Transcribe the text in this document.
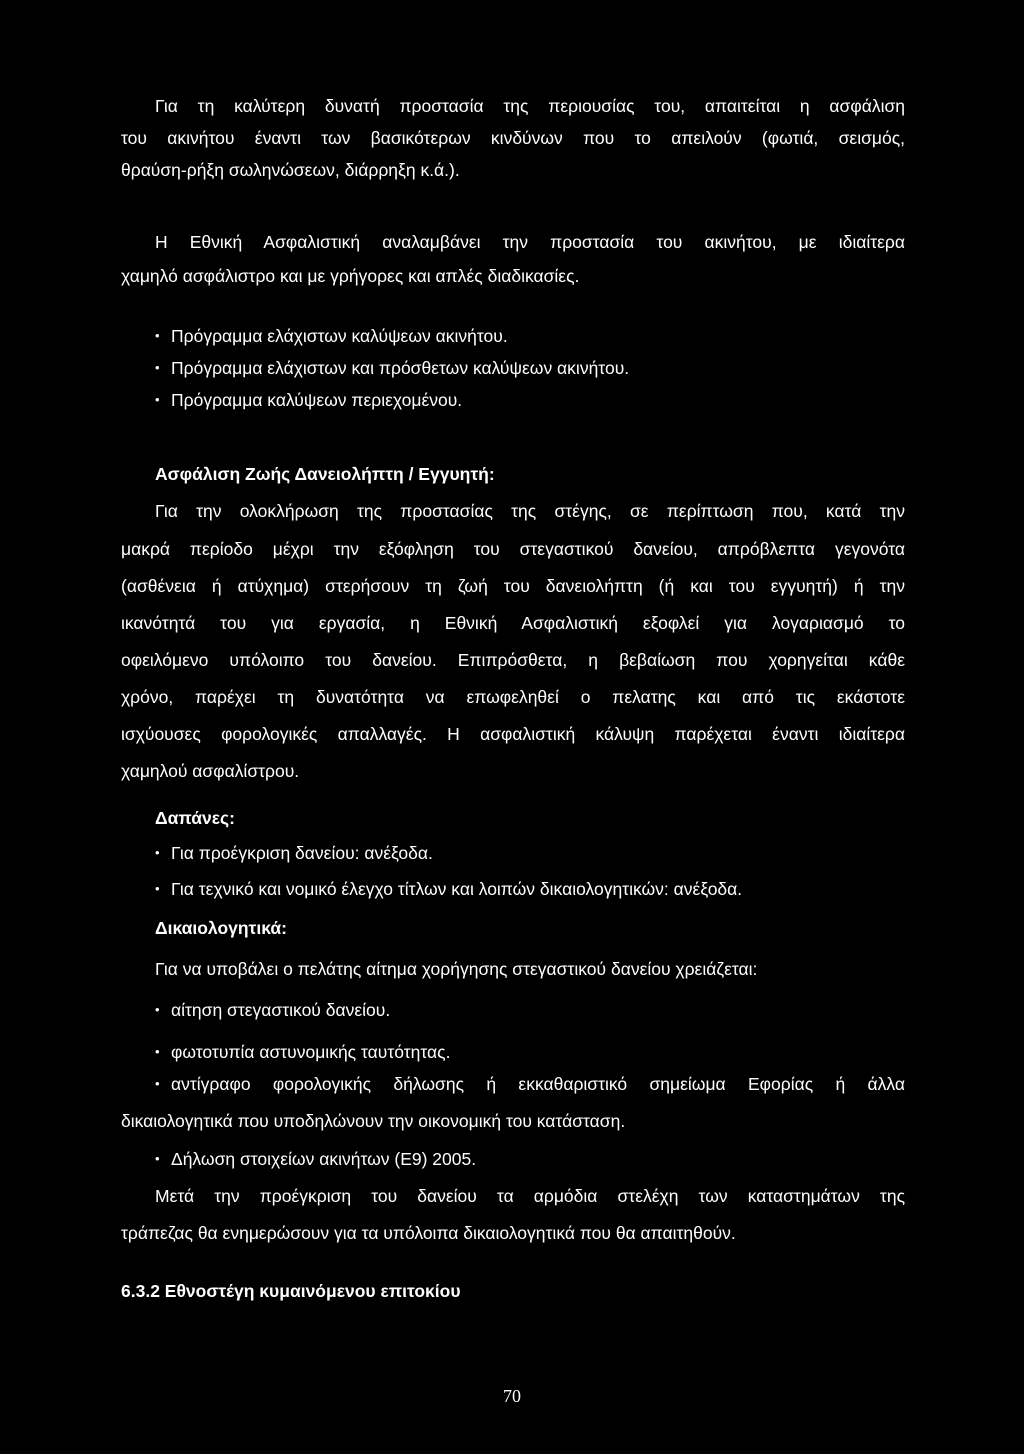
Για τη καλύτερη δυνατή προστασία της περιουσίας του, απαιτείται η ασφάλιση
του ακινήτου έναντι των βασικότερων κινδύνων που το απειλούν (φωτιά, σεισμός,
θραύση-ρήξη σωληνώσεων, διάρρηξη κ.ά.).
Η Εθνική Ασφαλιστική αναλαμβάνει την προστασία του ακινήτου, με ιδιαίτερα
χαμηλό ασφάλιστρο και με γρήγορες και απλές διαδικασίες.
• Πρόγραμμα ελάχιστων καλύψεων ακινήτου.
• Πρόγραμμα ελάχιστων και πρόσθετων καλύψεων ακινήτου.
• Πρόγραμμα καλύψεων περιεχομένου.
Ασφάλιση Ζωής Δανειολήπτη / Εγγυητή:
Για την ολοκλήρωση της προστασίας της στέγης, σε περίπτωση που, κατά την
μακρά περίοδο μέχρι την εξόφληση του στεγαστικού δανείου, απρόβλεπτα γεγονότα
(ασθένεια ή ατύχημα) στερήσουν τη ζωή του δανειολήπτη (ή και του εγγυητή) ή την
ικανότητά του για εργασία, η Εθνική Ασφαλιστική εξοφλεί για λογαριασμό το
οφειλόμενο υπόλοιπο του δανείου. Επιπρόσθετα, η βεβαίωση που χορηγείται κάθε
χρόνο, παρέχει τη δυνατότητα να επωφεληθεί ο πελατης και από τις εκάστοτε
ισχύουσες φορολογικές απαλλαγές. Η ασφαλιστική κάλυψη παρέχεται έναντι ιδιαίτερα
χαμηλού ασφαλίστρου.
Δαπάνες:
• Για προέγκριση δανείου: ανέξοδα.
• Για τεχνικό και νομικό έλεγχο τίτλων και λοιπών δικαιολογητικών: ανέξοδα.
Δικαιολογητικά:
Για να υποβάλει ο πελάτης αίτημα χορήγησης στεγαστικού δανείου χρειάζεται:
• αίτηση στεγαστικού δανείου.
• φωτοτυπία αστυνομικής ταυτότητας.
• αντίγραφο φορολογικής δήλωσης ή εκκαθαριστικό σημείωμα Εφορίας ή άλλα
δικαιολογητικά που υποδηλώνουν την οικονομική του κατάσταση.
• Δήλωση στοιχείων ακινήτων (Ε9) 2005.
Μετά την προέγκριση του δανείου τα αρμόδια στελέχη των καταστημάτων της
τράπεζας θα ενημερώσουν για τα υπόλοιπα δικαιολογητικά που θα απαιτηθούν.
6.3.2 Εθνοστέγη κυμαινόμενου επιτοκίου
70
